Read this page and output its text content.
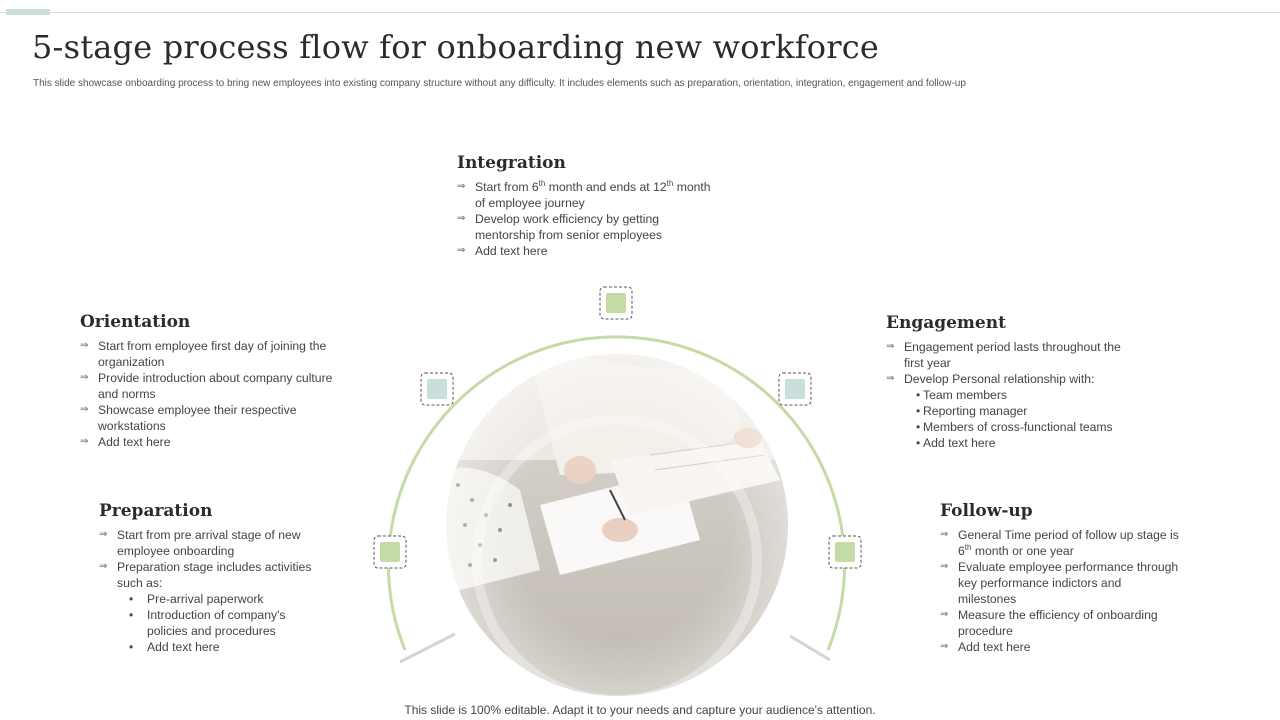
5-stage process flow for onboarding new workforce
This slide showcase onboarding process to bring new employees into existing company structure without any difficulty. It includes elements such as preparation, orientation, integration, engagement and follow-up
Integration
⇒ Start from 6th month and ends at 12th month
of employee journey
⇒ Develop work efficiency by getting
mentorship from senior employees
⇒ Add text here
Orientation
⇒ Start from employee first day of joining the
organization
⇒ Provide introduction about company culture
and norms
⇒ Showcase employee their respective
workstations
⇒ Add text here
Preparation
⇒ Start from pre arrival stage of new
employee onboarding
⇒ Preparation stage includes activities
such as:
• Pre-arrival paperwork
• Introduction of company's
policies and procedures
• Add text here
Engagement
⇒ Engagement period lasts throughout the
first year
⇒ Develop Personal relationship with:
• Team members
• Reporting manager
• Members of cross-functional teams
• Add text here
Follow-up
⇒ General Time period of follow up stage is
6th month or one year
⇒ Evaluate employee performance through
key performance indictors and
milestones
⇒ Measure the efficiency of onboarding
procedure
⇒ Add text here
This slide is 100% editable. Adapt it to your needs and capture your audience's attention.
